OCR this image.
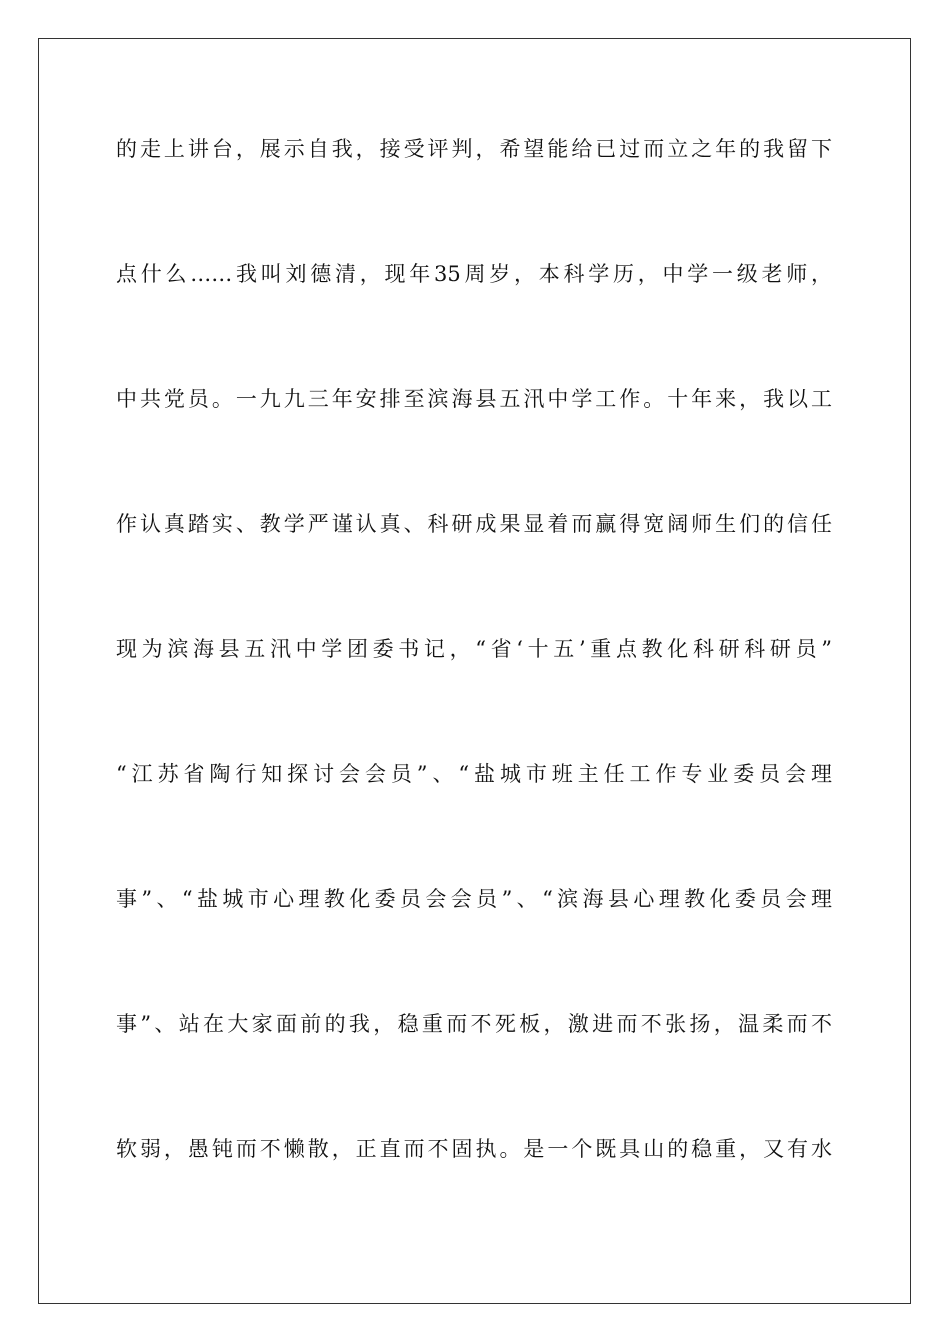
的走上讲台，展示自我，接受评判，希望能给已过而立之年的我留下
点什么……我叫刘德清，现年35周岁，本科学历，中学一级老师，
中共党员。一九九三年安排至滨海县五汛中学工作。十年来，我以工
作认真踏实、教学严谨认真、科研成果显着而赢得宽阔师生们的信任
现为滨海县五汛中学团委书记，“省‘十五’重点教化科研科研员”
“江苏省陶行知探讨会会员”、“盐城市班主任工作专业委员会理
事”、“盐城市心理教化委员会会员”、“滨海县心理教化委员会理
事”、站在大家面前的我，稳重而不死板，激进而不张扬，温柔而不
软弱，愚钝而不懒散，正直而不固执。是一个既具山的稳重，又有水
